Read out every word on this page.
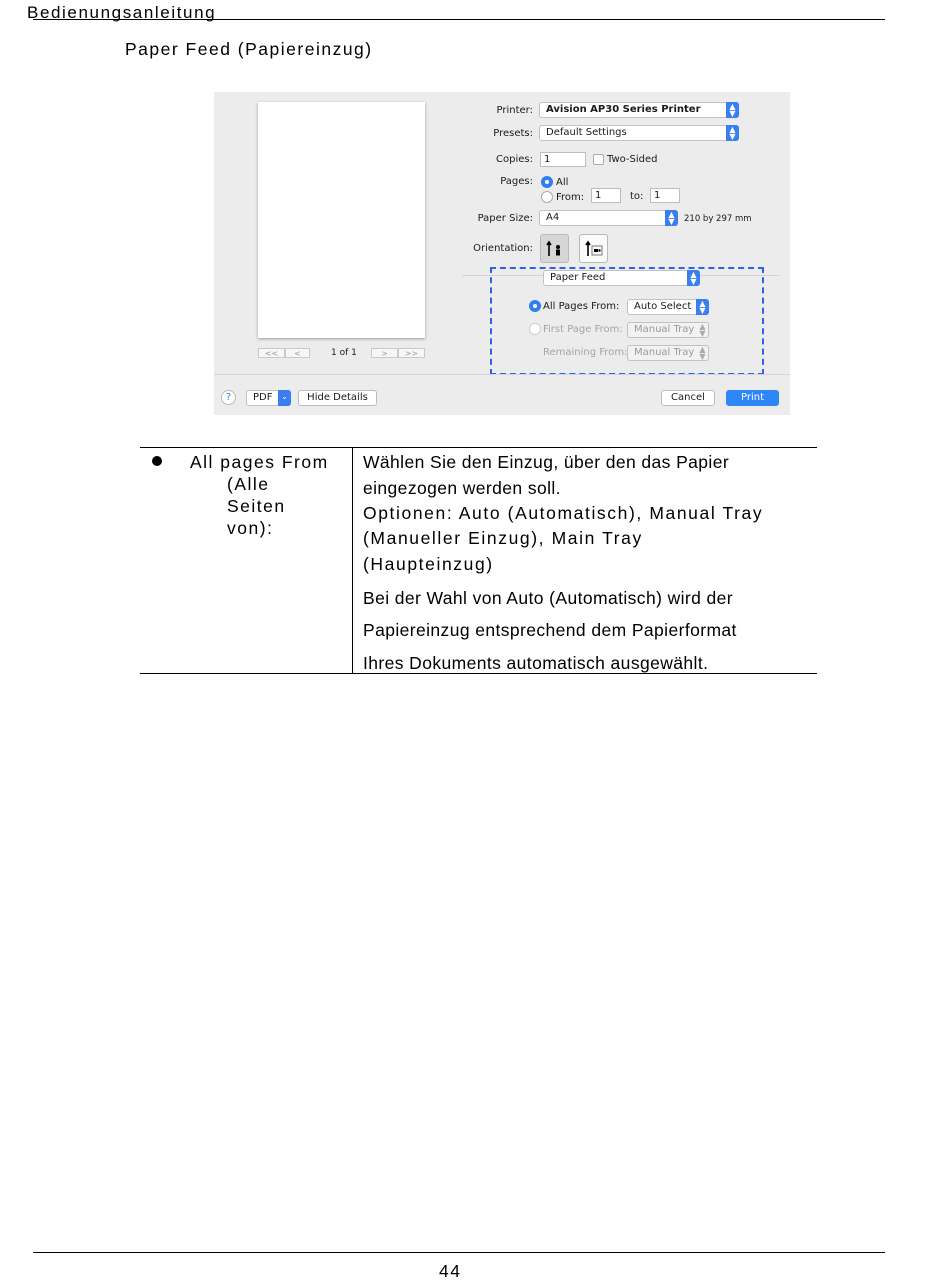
Bedienungsanleitung
Paper Feed (Papiereinzug)
<<	<	1 of 1	>	>>
Printer:	Avision AP30 Series Printer	▲
▼
Presets:	Default Settings	▲
▼
Copies:	1	Two-Sided
Pages: All
From:	1	to:	1
Paper Size:	A4	▲
▼	210 by 297 mm
Orientation:
Paper Feed	▲
▼
All Pages From:	Auto Select	▲
▼
First Page From:	Manual Tray ▲
▼
Remaining From: Manual Tray ▲
▼
?	PDF	⌄	Hide Details	Cancel	Print
All pages From
(Alle
Seiten
von):
Wählen Sie den Einzug, über den das Papier
eingezogen werden soll.
Optionen: Auto (Automatisch), Manual Tray
(Manueller Einzug), Main Tray
(Haupteinzug)
Bei der Wahl von Auto (Automatisch) wird der
Papiereinzug entsprechend dem Papierformat
Ihres Dokuments automatisch ausgewählt.
44
